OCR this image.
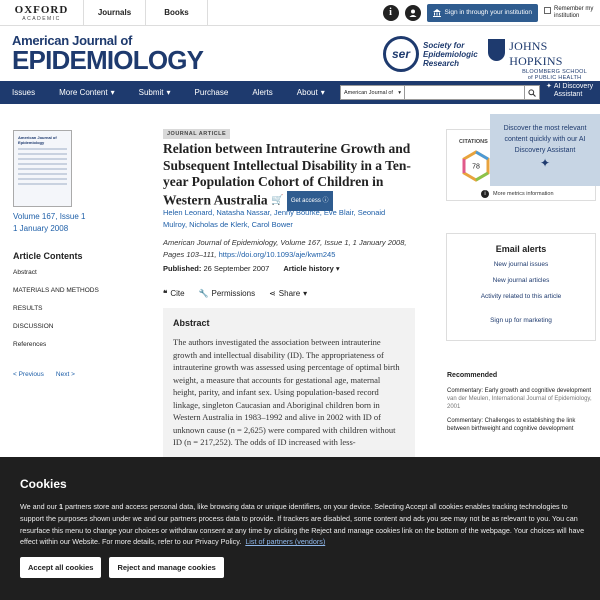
OXFORD
ACADEMIC
Journals	Books	i	Sign in through your institution
Remember my institution
American Journal of
EPIDEMIOLOGY	ser
Society for
Epidemiologic
Research
JOHNS HOPKINS
BLOOMBERG SCHOOL
of PUBLIC HEALTH
Issues	More Content ▾	Submit ▾	Purchase	Alerts	About ▾	American Journal of ▾
✦ AI Discovery
Assistant
American Journal of Epidemiology
Volume 167, Issue 1
1 January 2008
Article Contents
Abstract
MATERIALS AND METHODS
RESULTS
DISCUSSION
References
< Previous Next >
JOURNAL ARTICLE
Relation between Intrauterine Growth and Subsequent Intellectual Disability in a Ten-year Population Cohort of Children in Western Australia 🛒 Get access ⓘ
Helen Leonard, Natasha Nassar, Jenny Bourke, Eve Blair, Seonaid Mulroy, Nicholas de Klerk, Carol Bower
American Journal of Epidemiology, Volume 167, Issue 1, 1 January 2008, Pages 103–111, https://doi.org/10.1093/aje/kwm245
Published: 26 September 2007 Article history ▾
❝ Cite 🔧 Permissions ⋖ Share ▾
Abstract

The authors investigated the association between intrauterine growth and intellectual disability (ID). The appropriateness of intrauterine growth was assessed using percentage of optimal birth weight, a measure that accounts for gestational age, maternal height, parity, and infant sex. Using population-based record linkage, singleton Caucasian and Aboriginal children born in Western Australia in 1983–1992 and alive in 2002 with ID of unknown cause (n = 2,625) were compared with children without ID (n = 217,252). The odds of ID increased with less-

CITATIONS
78
i	More metrics information
Discover the most relevant content quickly with our AI Discovery Assistant
✦
Email alerts
New journal issues
New journal articles
Activity related to this article
Sign up for marketing
Recommended
Commentary: Early growth and cognitive development
van der Meulen, International Journal of Epidemiology, 2001
Commentary: Challenges to establishing the link between birthweight and cognitive development
Cookies

We and our 1 partners store and access personal data, like browsing data or unique identifiers, on your device. Selecting Accept all cookies enables tracking technologies to support the purposes shown under we and our partners process data to provide. If trackers are disabled, some content and ads you see may not be as relevant to you. You can resurface this menu to change your choices or withdraw consent at any time by clicking the Reject and manage cookies link on the bottom of the webpage. Your choices will have effect within our Website. For more details, refer to our Privacy Policy. List of partners (vendors)

Accept all cookies	Reject and manage cookies
